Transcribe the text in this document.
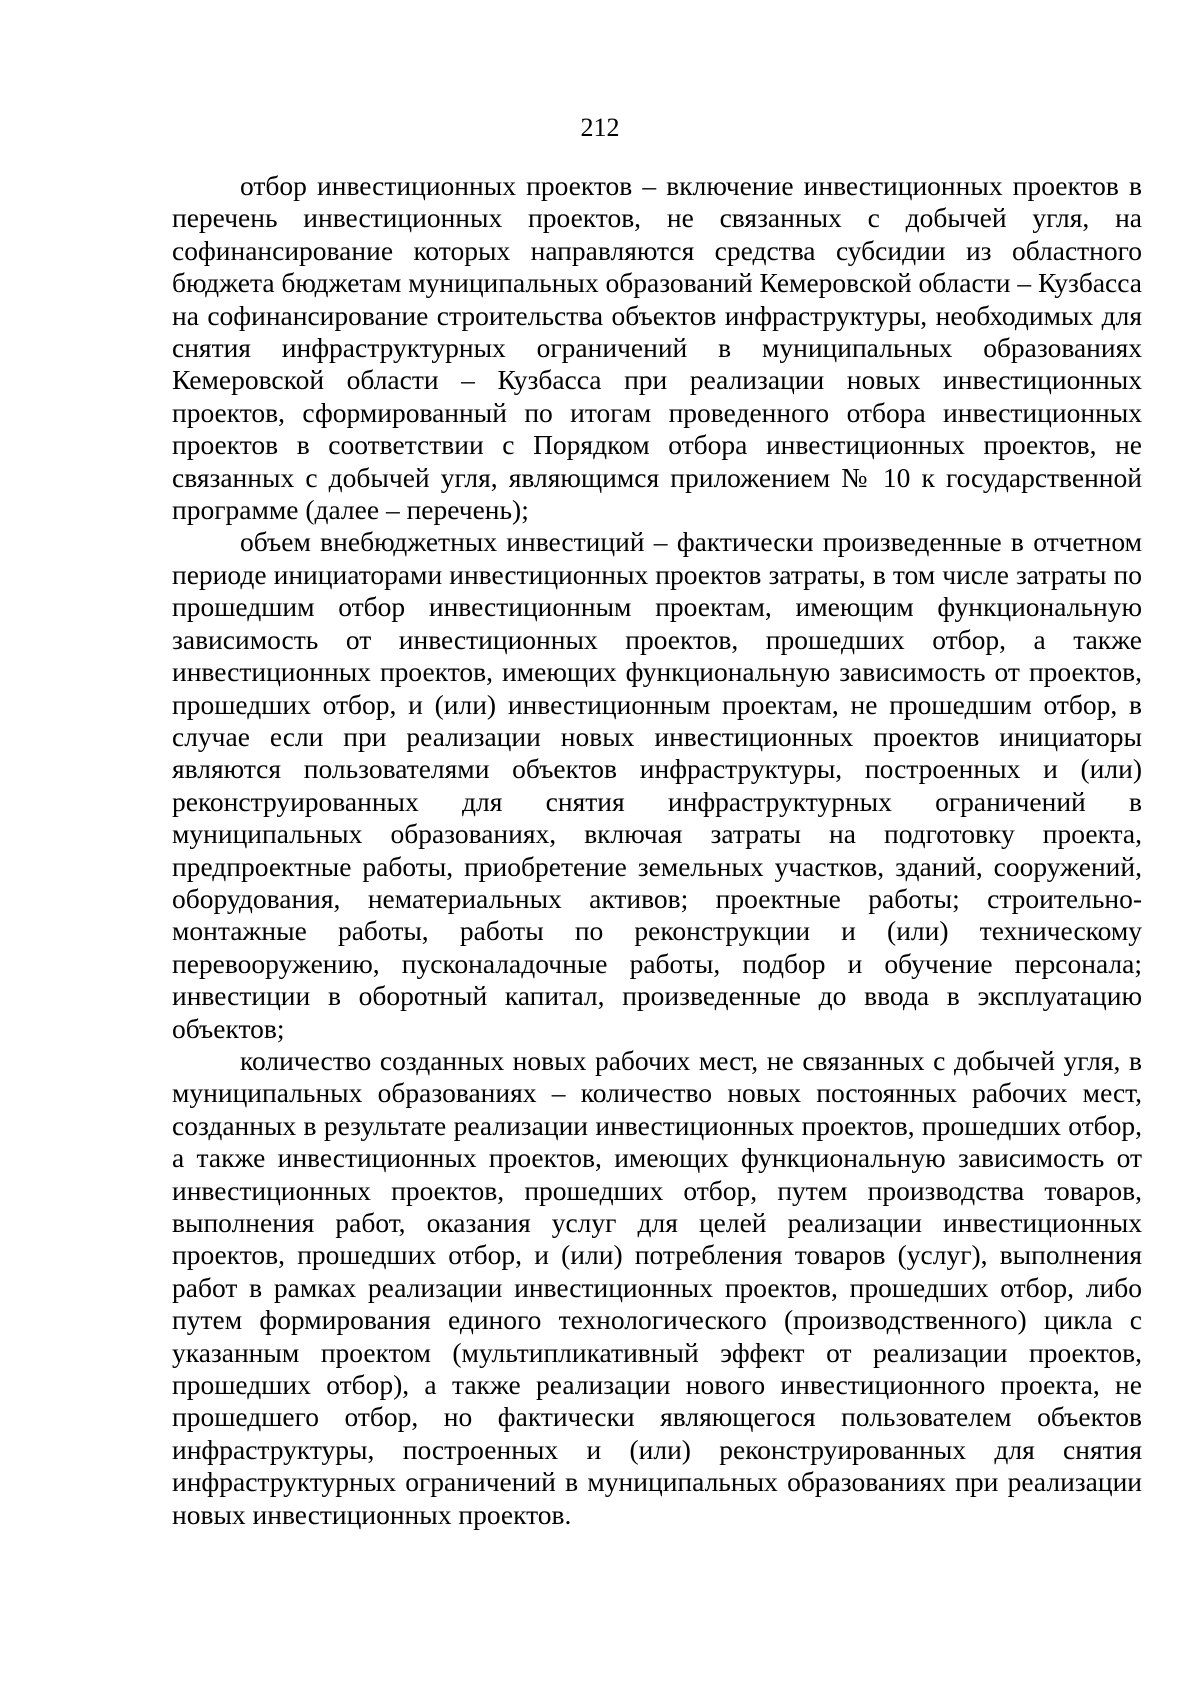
212

отбор инвестиционных проектов – включение инвестиционных проектов в перечень инвестиционных проектов, не связанных с добычей угля, на софинансирование которых направляются средства субсидии из областного бюджета бюджетам муниципальных образований Кемеровской области – Кузбасса на софинансирование строительства объектов инфраструктуры, необходимых для снятия инфраструктурных ограничений в муниципальных образованиях Кемеровской области – Кузбасса при реализации новых инвестиционных проектов, сформированный по итогам проведенного отбора инвестиционных проектов в соответствии с Порядком отбора инвестиционных проектов, не связанных с добычей угля, являющимся приложением № 10 к государственной программе (далее – перечень);

объем внебюджетных инвестиций – фактически произведенные в отчетном периоде инициаторами инвестиционных проектов затраты, в том числе затраты по прошедшим отбор инвестиционным проектам, имеющим функциональную зависимость от инвестиционных проектов, прошедших отбор, а также инвестиционных проектов, имеющих функциональную зависимость от проектов, прошедших отбор, и (или) инвестиционным проектам, не прошедшим отбор, в случае если при реализации новых инвестиционных проектов инициаторы являются пользователями объектов инфраструктуры, построенных и (или) реконструированных для снятия инфраструктурных ограничений в муниципальных образованиях, включая затраты на подготовку проекта, предпроектные работы, приобретение земельных участков, зданий, сооружений, оборудования, нематериальных активов; проектные работы; строительно-монтажные работы, работы по реконструкции и (или) техническому перевооружению, пусконаладочные работы, подбор и обучение персонала; инвестиции в оборотный капитал, произведенные до ввода в эксплуатацию объектов;

количество созданных новых рабочих мест, не связанных с добычей угля, в муниципальных образованиях – количество новых постоянных рабочих мест, созданных в результате реализации инвестиционных проектов, прошедших отбор, а также инвестиционных проектов, имеющих функциональную зависимость от инвестиционных проектов, прошедших отбор, путем производства товаров, выполнения работ, оказания услуг для целей реализации инвестиционных проектов, прошедших отбор, и (или) потребления товаров (услуг), выполнения работ в рамках реализации инвестиционных проектов, прошедших отбор, либо путем формирования единого технологического (производственного) цикла с указанным проектом (мультипликативный эффект от реализации проектов, прошедших отбор), а также реализации нового инвестиционного проекта, не прошедшего отбор, но фактически являющегося пользователем объектов инфраструктуры, построенных и (или) реконструированных для снятия инфраструктурных ограничений в муниципальных образованиях при реализации новых инвестиционных проектов.
